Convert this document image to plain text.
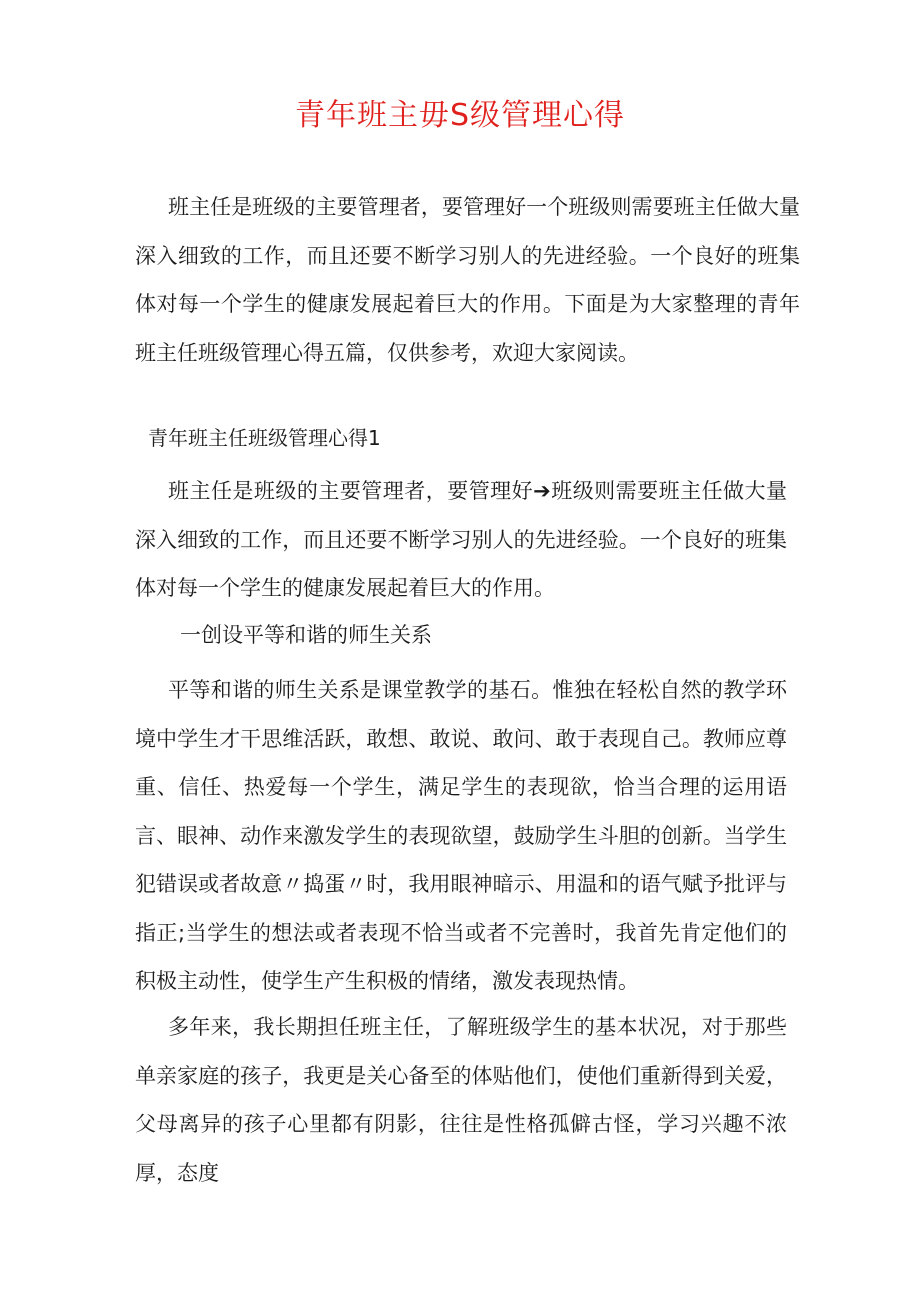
青年班主毋S级管理心得

班主任是班级的主要管理者，要管理好一个班级则需要班主任做大量深入细致的工作，而且还要不断学习别人的先进经验。一个良好的班集体对每一个学生的健康发展起着巨大的作用。下面是为大家整理的青年班主任班级管理心得五篇，仅供参考，欢迎大家阅读。

青年班主任班级管理心得1

班主任是班级的主要管理者，要管理好➔班级则需要班主任做大量深入细致的工作，而且还要不断学习别人的先进经验。一个良好的班集体对每一个学生的健康发展起着巨大的作用。

一创设平等和谐的师生关系

平等和谐的师生关系是课堂教学的基石。惟独在轻松自然的教学环境中学生才干思维活跃，敢想、敢说、敢问、敢于表现自己。教师应尊重、信任、热爱每一个学生，满足学生的表现欲，恰当合理的运用语言、眼神、动作来激发学生的表现欲望，鼓励学生斗胆的创新。当学生犯错误或者故意〃捣蛋〃时，我用眼神暗示、用温和的语气赋予批评与指正;当学生的想法或者表现不恰当或者不完善时，我首先肯定他们的积极主动性，使学生产生积极的情绪，激发表现热情。

多年来，我长期担任班主任，了解班级学生的基本状况，对于那些单亲家庭的孩子，我更是关心备至的体贴他们，使他们重新得到关爱，父母离异的孩子心里都有阴影，往往是性格孤僻古怪，学习兴趣不浓厚，态度
